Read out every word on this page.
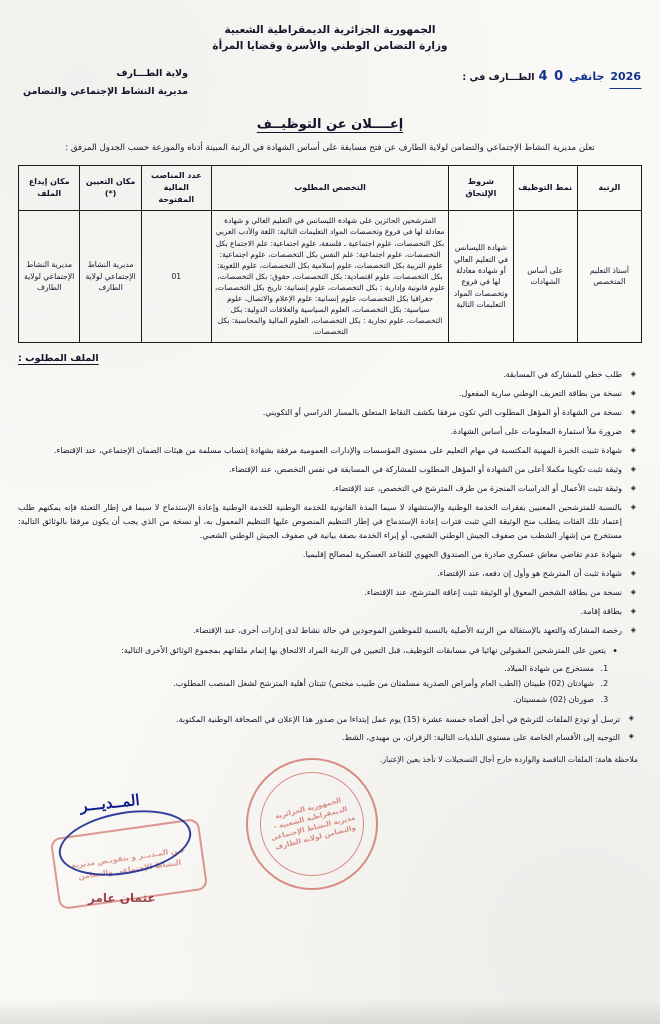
الجمهورية الجزائرية الديمقراطية الشعبية
وزارة التضامن الوطني والأسرة وقضايا المرأة
الطـــارف في : 0 4 جانفي 2026
ولاية الطـــارف
مديرية النشاط الإجتماعي والتضامن
إعــــلان عن التوظيــف
تعلن مديرية النشاط الإجتماعي والتضامن لولاية الطارف عن فتح مسابقة على أساس الشهادة في الرتبة المبينة أدناه والموزعة حسب الجدول المرفق :
الرتبة	نمط التوظيف	شروط الإلتحاق	التخصص المطلوب	عدد المناصب المالية المفتوحة	مكان التعيين (*)	مكان إيداع الملف
أستاذ التعليم المتخصص	على أساس الشهادات	شهادة الليسانس في التعليم العالي أو شهادة معادلة لها في فروع وتخصصات المواد التعليمات التالية	المترشحين الحائزين على شهادة الليسانس في التعليم العالي و شهادة معادلة لها في فروع وتخصصات المواد التعليمات التالية: اللغة والأدب العربي بكل التخصصات، علوم اجتماعية ـ فلسفة، علوم اجتماعية: علم الاجتماع بكل التخصصات، علوم اجتماعية: علم النفس بكل التخصصات، علوم اجتماعية: علوم التربية بكل التخصصات، علوم إسلامية بكل التخصصات، علوم اللغوية: بكل التخصصات، علوم اقتصادية: بكل التخصصات، حقوق: بكل التخصصات، علوم قانونية وإدارية : بكل التخصصات، علوم إنسانية: تاريخ بكل التخصصات، جغرافيا بكل التخصصات، علوم إنسانية: علوم الإعلام والاتصال، علوم سياسية: بكل التخصصات، العلوم السياسية والعلاقات الدولية: بكل التخصصات، علوم تجارية : بكل التخصصات، العلوم المالية والمحاسبة: بكل التخصصات.	01	مديرية النشاط الإجتماعي لولاية الطارف	مديرية النشاط الإجتماعي لولاية الطارف
الملف المطلوب :
◈ طلب خطي للمشاركة في المسابقة.
◈ نسخة من بطاقة التعريف الوطني سارية المفعول.
◈ نسخة من الشهادة أو المؤهل المطلوب التي تكون مرفقا بكشف النقاط المتعلق بالمسار الدراسي أو التكويني.
◈ ضرورة ملأ استمارة المعلومات على أساس الشهادة.
◈ شهادة تثبيت الخبرة المهنية المكتسبة في مهام التعليم على مستوى المؤسسات والإدارات العمومية مرفقة بشهادة إنتساب مسلمة من هيئات الضمان الإجتماعي، عند الإقتضاء.
◈ وثيقة تثبت تكوينا مكملا أعلى من الشهادة أو المؤهل المطلوب للمشاركة في المسابقة في نفس التخصص، عند الإقتضاء.
◈ وثيقة تثبت الأعمال أو الدراسات المنجزة من طرف المترشح في التخصص، عند الإقتضاء.
◈ بالنسبة للمترشحين المعنيين بفقرات الخدمة الوطنية والإستشهاد لا سيما المدة القانونية للخدمة الوطنية للخدمة الوطنية وإعادة الإستدماج لا سيما في إطار التعبئة فإنه يمكنهم طلب إعتماد تلك الفئات يتطلب منح الوثيقة التي تثبت فترات إعادة الإستدماج في إطار التنظيم المنصوص عليها التنظيم المعمول به، أو نسخة من الذي يجب أن يكون مرفقا بالوثائق التالية: مستخرج من إشهار الشطب من صفوف الجيش الوطني الشعبي، أو إبراء الخدمة بصفة بيانية في صفوف الجيش الوطني الشعبي.
◈ شهادة عدم تقاضي معاش عسكري صادرة من الصندوق الجهوي للتقاعد العسكرية لمصالح إقليميا.
◈ شهادة تثبت أن المترشح هو وأول إن دفعه، عند الإقتضاء.
◈ نسخة من بطاقة الشخص المعوق أو الوثيقة تثبت إعاقة المترشح، عند الإقتضاء.
◈ بطاقة إقامة.
◈ رخصة المشاركة والتعهد بالإستقالة من الرتبة الأصلية بالنسبة للموظفين الموجودين في حالة نشاط لدى إدارات أخرى، عند الإقتضاء.
• يتعين على المترشحين المقبولين نهائيا في مسابقات التوظيف، قبل التعيين في الرتبة المراد الالتحاق بها إتمام ملفاتهم بمجموع الوثائق الأخرى التالية:
1. مستخرج من شهادة الميلاد.
2. شهادتان (02) طبيتان (الطب العام وأمراض الصدرية مسلمتان من طبيب مختص) تثبتان أهلية المترشح لشغل المنصب المطلوب.
3. صورتان (02) شمسيتان.
◈ ترسل أو تودع الملفات للترشح في أجل أقصاه خمسة عشرة (15) يوم عمل إبتداءا من صدور هذا الإعلان في الصحافة الوطنية المكتوبة.
◈ التوجيه إلى الأقسام الخاصة على مستوى البلديات التالية: الزفران، بن مهيدي، الشط.
ملاحظة هامة: الملفات الناقصة والواردة خارج أجال التسجيلات لا تأخذ بعين الإعتبار.
الجمهورية الجزائرية الديمقراطية الشعبية - مديرية النشاط الإجتماعي والتضامن لولاية الطارف
عـن المـديــر و بتفويـض مديرية النشاط الإجتماعي والتضامن
المــديـــر
عثمان عامر
